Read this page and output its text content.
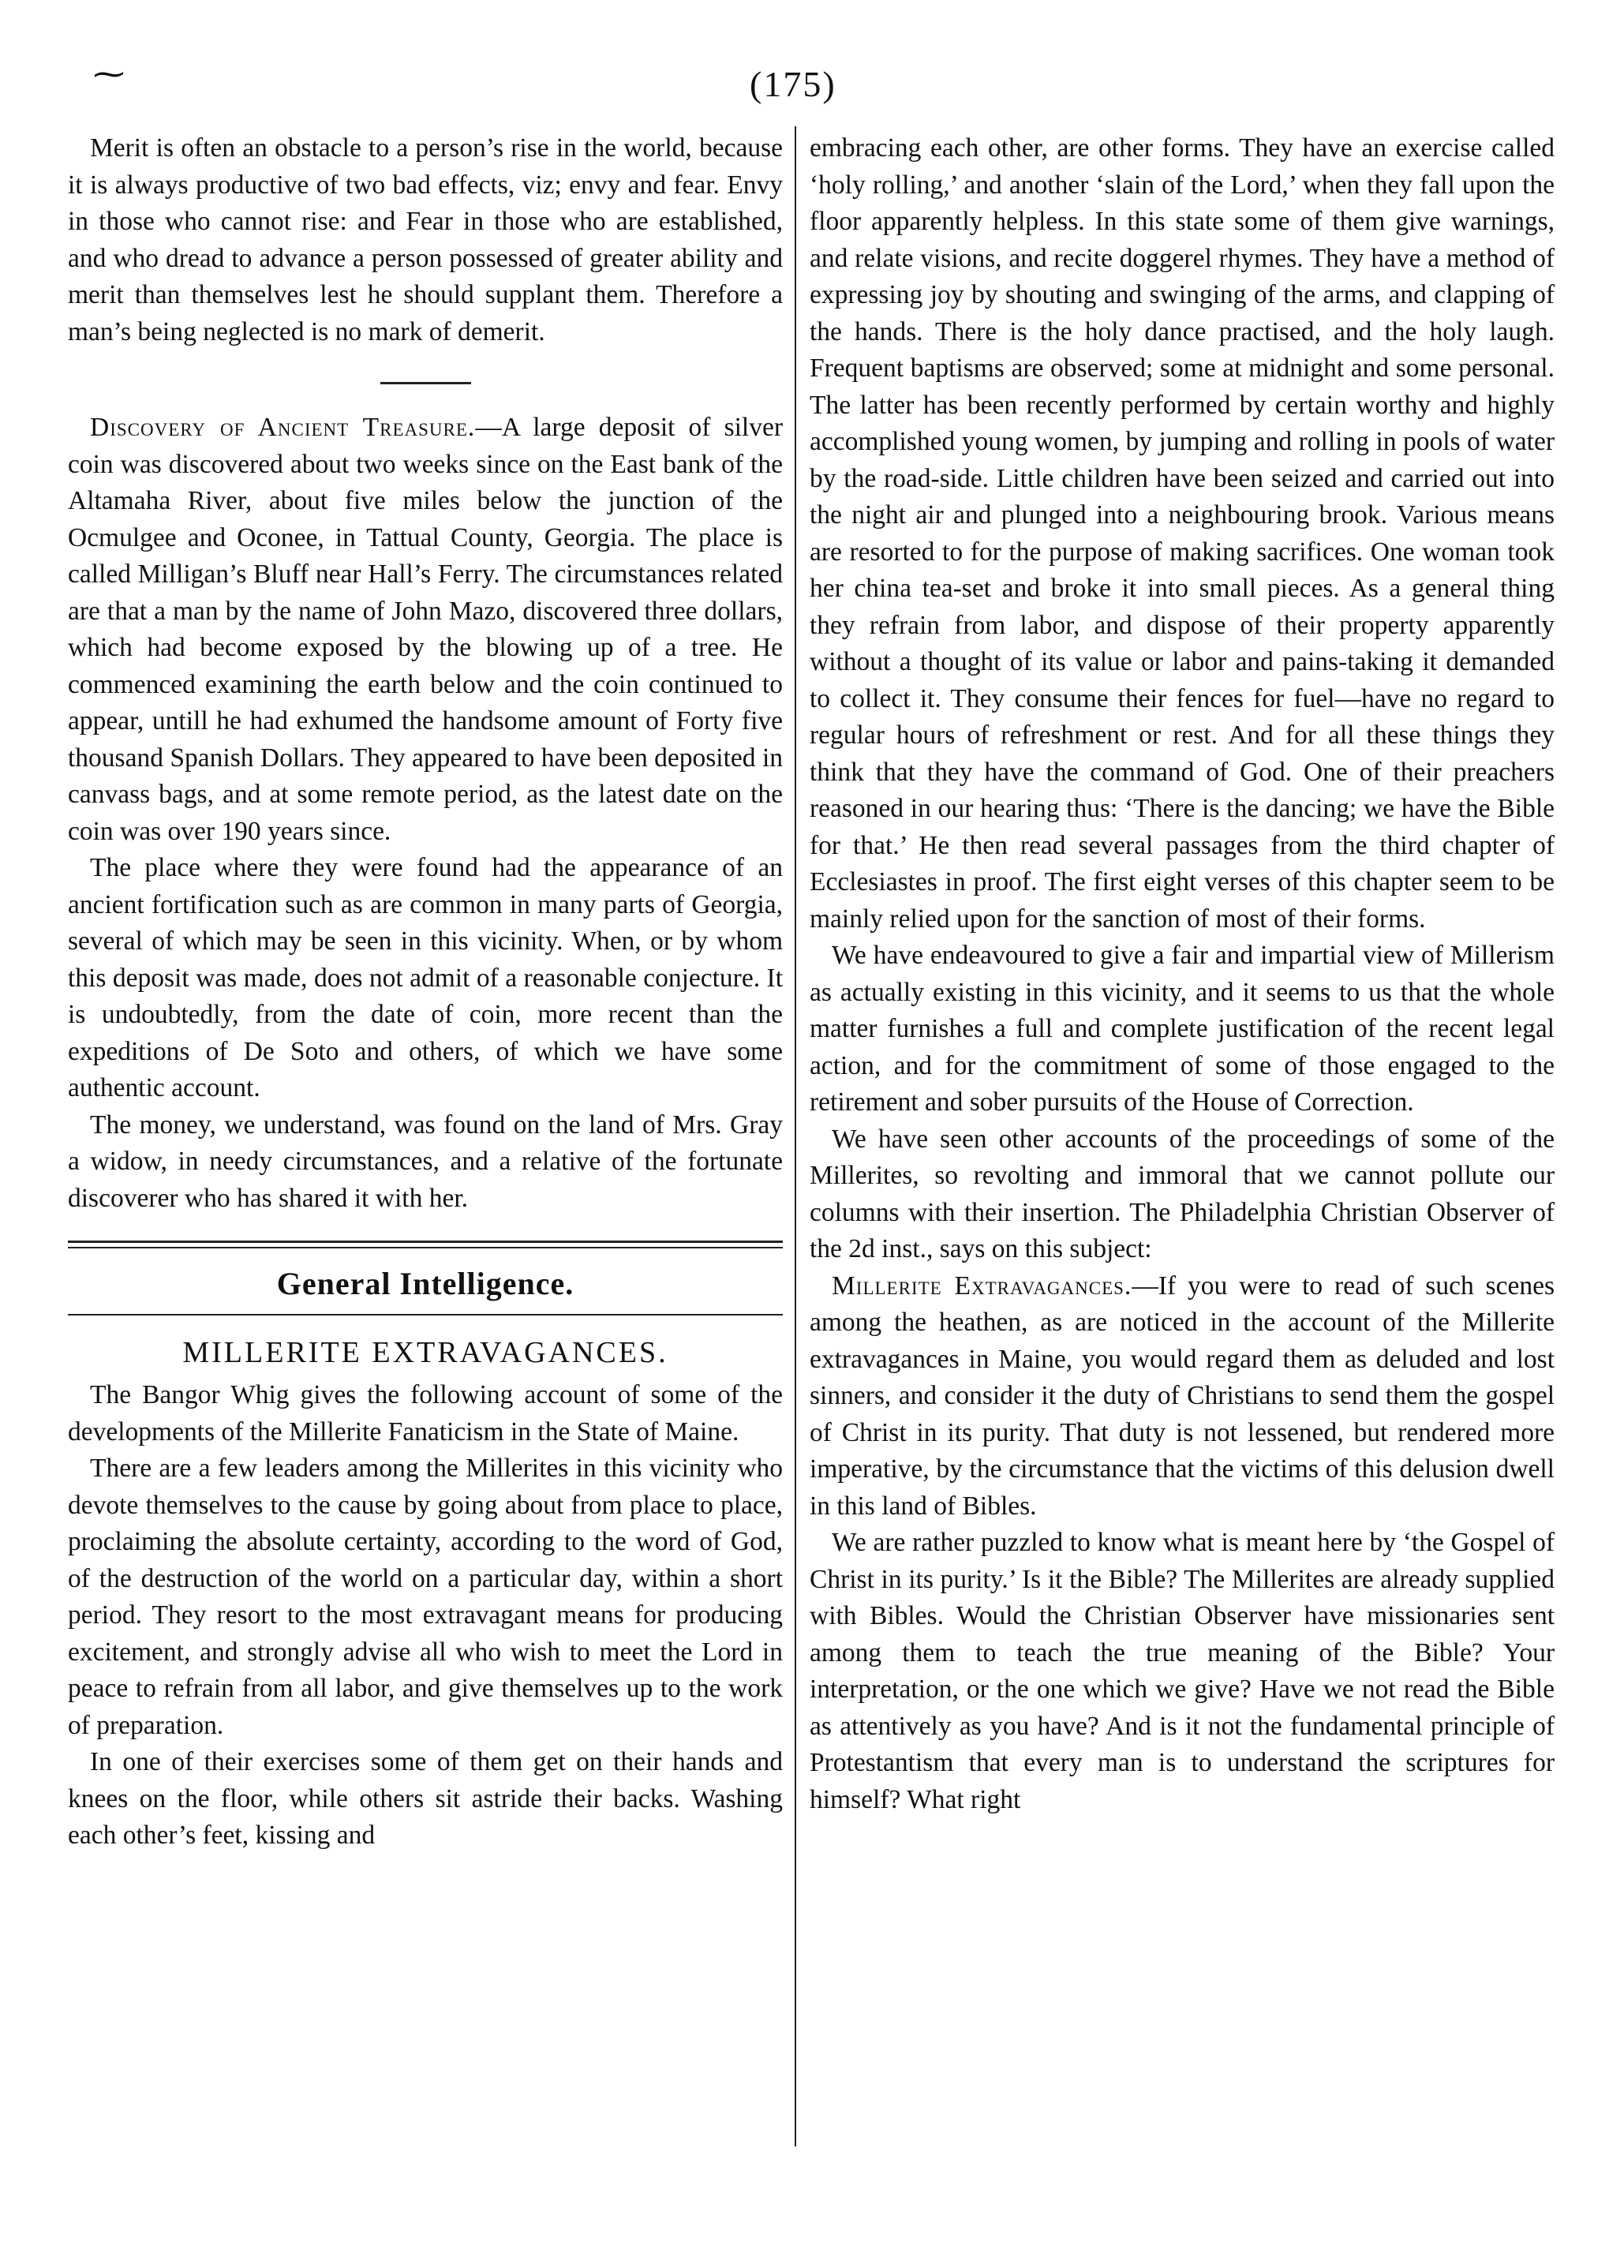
⁓	(175)

Merit is often an obstacle to a person’s rise in the world, because it is always productive of two bad effects, viz; envy and fear. Envy in those who cannot rise: and Fear in those who are established, and who dread to advance a person possessed of greater ability and merit than themselves lest he should supplant them. Therefore a man’s being neglected is no mark of demerit.

Discovery of Ancient Treasure.—A large deposit of silver coin was discovered about two weeks since on the East bank of the Altamaha River, about five miles below the junction of the Ocmulgee and Oconee, in Tattual County, Georgia. The place is called Milligan’s Bluff near Hall’s Ferry. The circumstances related are that a man by the name of John Mazo, discovered three dollars, which had become exposed by the blowing up of a tree. He commenced examining the earth below and the coin continued to appear, untill he had exhumed the handsome amount of Forty five thousand Spanish Dollars. They appeared to have been deposited in canvass bags, and at some remote period, as the latest date on the coin was over 190 years since.

The place where they were found had the appearance of an ancient fortification such as are common in many parts of Georgia, several of which may be seen in this vicinity. When, or by whom this deposit was made, does not admit of a reasonable conjecture. It is undoubtedly, from the date of coin, more recent than the expeditions of De Soto and others, of which we have some authentic account.

The money, we understand, was found on the land of Mrs. Gray a widow, in needy circumstances, and a relative of the fortunate discoverer who has shared it with her.

General Intelligence.
MILLERITE EXTRAVAGANCES.

The Bangor Whig gives the following account of some of the developments of the Millerite Fanaticism in the State of Maine.

There are a few leaders among the Millerites in this vicinity who devote themselves to the cause by going about from place to place, proclaiming the absolute certainty, according to the word of God, of the destruction of the world on a particular day, within a short period. They resort to the most extravagant means for producing excitement, and strongly advise all who wish to meet the Lord in peace to refrain from all labor, and give themselves up to the work of preparation.

In one of their exercises some of them get on their hands and knees on the floor, while others sit astride their backs. Washing each other’s feet, kissing and

embracing each other, are other forms. They have an exercise called ‘holy rolling,’ and another ‘slain of the Lord,’ when they fall upon the floor apparently helpless. In this state some of them give warnings, and relate visions, and recite doggerel rhymes. They have a method of expressing joy by shouting and swinging of the arms, and clapping of the hands. There is the holy dance practised, and the holy laugh. Frequent baptisms are observed; some at midnight and some personal. The latter has been recently performed by certain worthy and highly accomplished young women, by jumping and rolling in pools of water by the road-side. Little children have been seized and carried out into the night air and plunged into a neighbouring brook. Various means are resorted to for the purpose of making sacrifices. One woman took her china tea-set and broke it into small pieces. As a general thing they refrain from labor, and dispose of their property apparently without a thought of its value or labor and pains-taking it demanded to collect it. They consume their fences for fuel—have no regard to regular hours of refreshment or rest. And for all these things they think that they have the command of God. One of their preachers reasoned in our hearing thus: ‘There is the dancing; we have the Bible for that.’ He then read several passages from the third chapter of Ecclesiastes in proof. The first eight verses of this chapter seem to be mainly relied upon for the sanction of most of their forms.

We have endeavoured to give a fair and impartial view of Millerism as actually existing in this vicinity, and it seems to us that the whole matter furnishes a full and complete justification of the recent legal action, and for the commitment of some of those engaged to the retirement and sober pursuits of the House of Correction.

We have seen other accounts of the proceedings of some of the Millerites, so revolting and immoral that we cannot pollute our columns with their insertion. The Philadelphia Christian Observer of the 2d inst., says on this subject:

Millerite Extravagances.—If you were to read of such scenes among the heathen, as are noticed in the account of the Millerite extravagances in Maine, you would regard them as deluded and lost sinners, and consider it the duty of Christians to send them the gospel of Christ in its purity. That duty is not lessened, but rendered more imperative, by the circumstance that the victims of this delusion dwell in this land of Bibles.

We are rather puzzled to know what is meant here by ‘the Gospel of Christ in its purity.’ Is it the Bible? The Millerites are already supplied with Bibles. Would the Christian Observer have missionaries sent among them to teach the true meaning of the Bible? Your interpretation, or the one which we give? Have we not read the Bible as attentively as you have? And is it not the fundamental principle of Protestantism that every man is to understand the scriptures for himself? What right
